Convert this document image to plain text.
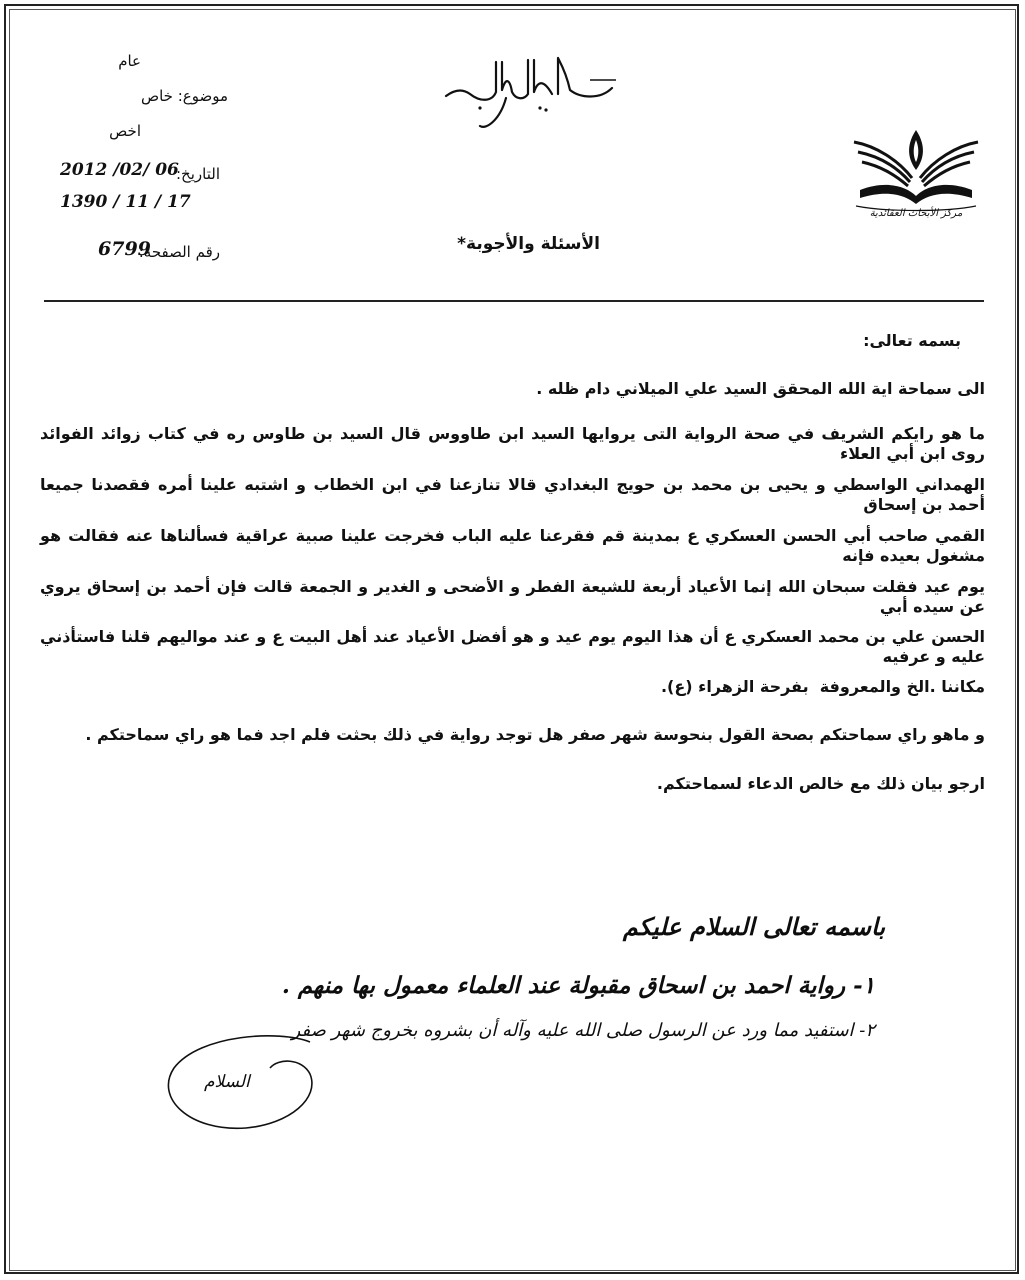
مركز الأبحاث العقائدية
عام
موضوع: خاص
اخص
التاريخ:
2012 /02/ 06
1390 / 11 / 17
رقم الصفحة:
6799	الأسئلة والأجوبة*
بسمه تعالى:
الى سماحة اية الله المحقق السيد علي الميلاني دام ظله .
ما هو رايكم الشريف في صحة الرواية التى يروايها السيد ابن طاووس قال السيد بن طاوس ره في كتاب زوائد الفوائد روى ابن أبي العلاء
الهمداني الواسطي و يحيى بن محمد بن حويج البغدادي قالا تنازعنا في ابن الخطاب و اشتبه علينا أمره فقصدنا جميعا أحمد بن إسحاق
القمي صاحب أبي الحسن العسكري ع بمدينة قم فقرعنا عليه الباب فخرجت علينا صبية عراقية فسألناها عنه فقالت هو مشغول بعيده فإنه
يوم عيد فقلت سبحان الله إنما الأعياد أربعة للشيعة الفطر و الأضحى و الغدير و الجمعة قالت فإن أحمد بن إسحاق يروي عن سيده أبي
الحسن علي بن محمد العسكري ع أن هذا اليوم يوم عيد و هو أفضل الأعياد عند أهل البيت ع و عند مواليهم قلنا فاستأذني عليه و عرفيه
مكاننا .الخ والمعروفة  بفرحة الزهراء (ع).
و ماهو راي سماحتكم بصحة القول بنحوسة شهر صفر هل توجد رواية في ذلك بحثت فلم اجد فما هو راي سماحتكم .
ارجو بيان ذلك مع خالص الدعاء لسماحتكم.
باسمه تعالى السلام عليكم
١- رواية احمد بن اسحاق مقبولة عند العلماء معمول بها منهم .
٢- استفيد مما ورد عن الرسول صلى الله عليه وآله أن بشروه بخروج شهر صفر
السلام
